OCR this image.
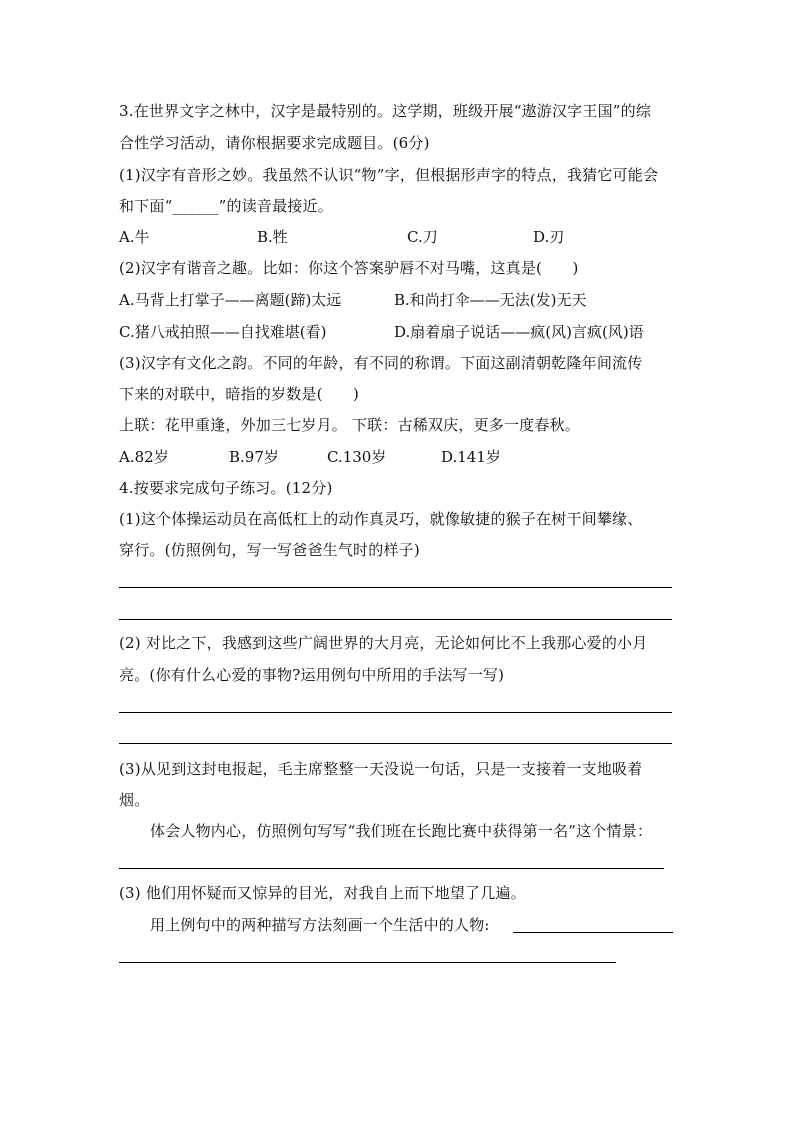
3.在世界文字之林中，汉字是最特别的。这学期，班级开展“遨游汉字王国”的综
合性学习活动，请你根据要求完成题目。(6分)
(1)汉字有音形之妙。我虽然不认识“物”字，但根据形声字的特点，我猜它可能会
和下面“______”的读音最接近。
A.牛	B.牲	C.刀	D.刃
(2)汉字有谐音之趣。比如：你这个答案驴唇不对马嘴，这真是(　　)
A.马背上打掌子——离题(蹄)太远	B.和尚打伞——无法(发)无天
C.猪八戒拍照——自找难堪(看)	D.扇着扇子说话——疯(风)言疯(风)语
(3)汉字有文化之韵。不同的年龄，有不同的称谓。下面这副清朝乾隆年间流传
下来的对联中，暗指的岁数是(　　)
上联：花甲重逢，外加三七岁月。 下联：古稀双庆，更多一度春秋。
A.82岁	B.97岁	C.130岁	D.141岁
4.按要求完成句子练习。(12分)
(1)这个体操运动员在高低杠上的动作真灵巧，就像敏捷的猴子在树干间攀缘、
穿行。(仿照例句，写一写爸爸生气时的样子)
(2) 对比之下，我感到这些广阔世界的大月亮，无论如何比不上我那心爱的小月
亮。(你有什么心爱的事物?运用例句中所用的手法写一写)
(3)从见到这封电报起，毛主席整整一天没说一句话，只是一支接着一支地吸着
烟。
体会人物内心，仿照例句写写“我们班在长跑比赛中获得第一名”这个情景：
(3) 他们用怀疑而又惊异的目光，对我自上而下地望了几遍。
用上例句中的两种描写方法刻画一个生活中的人物:
